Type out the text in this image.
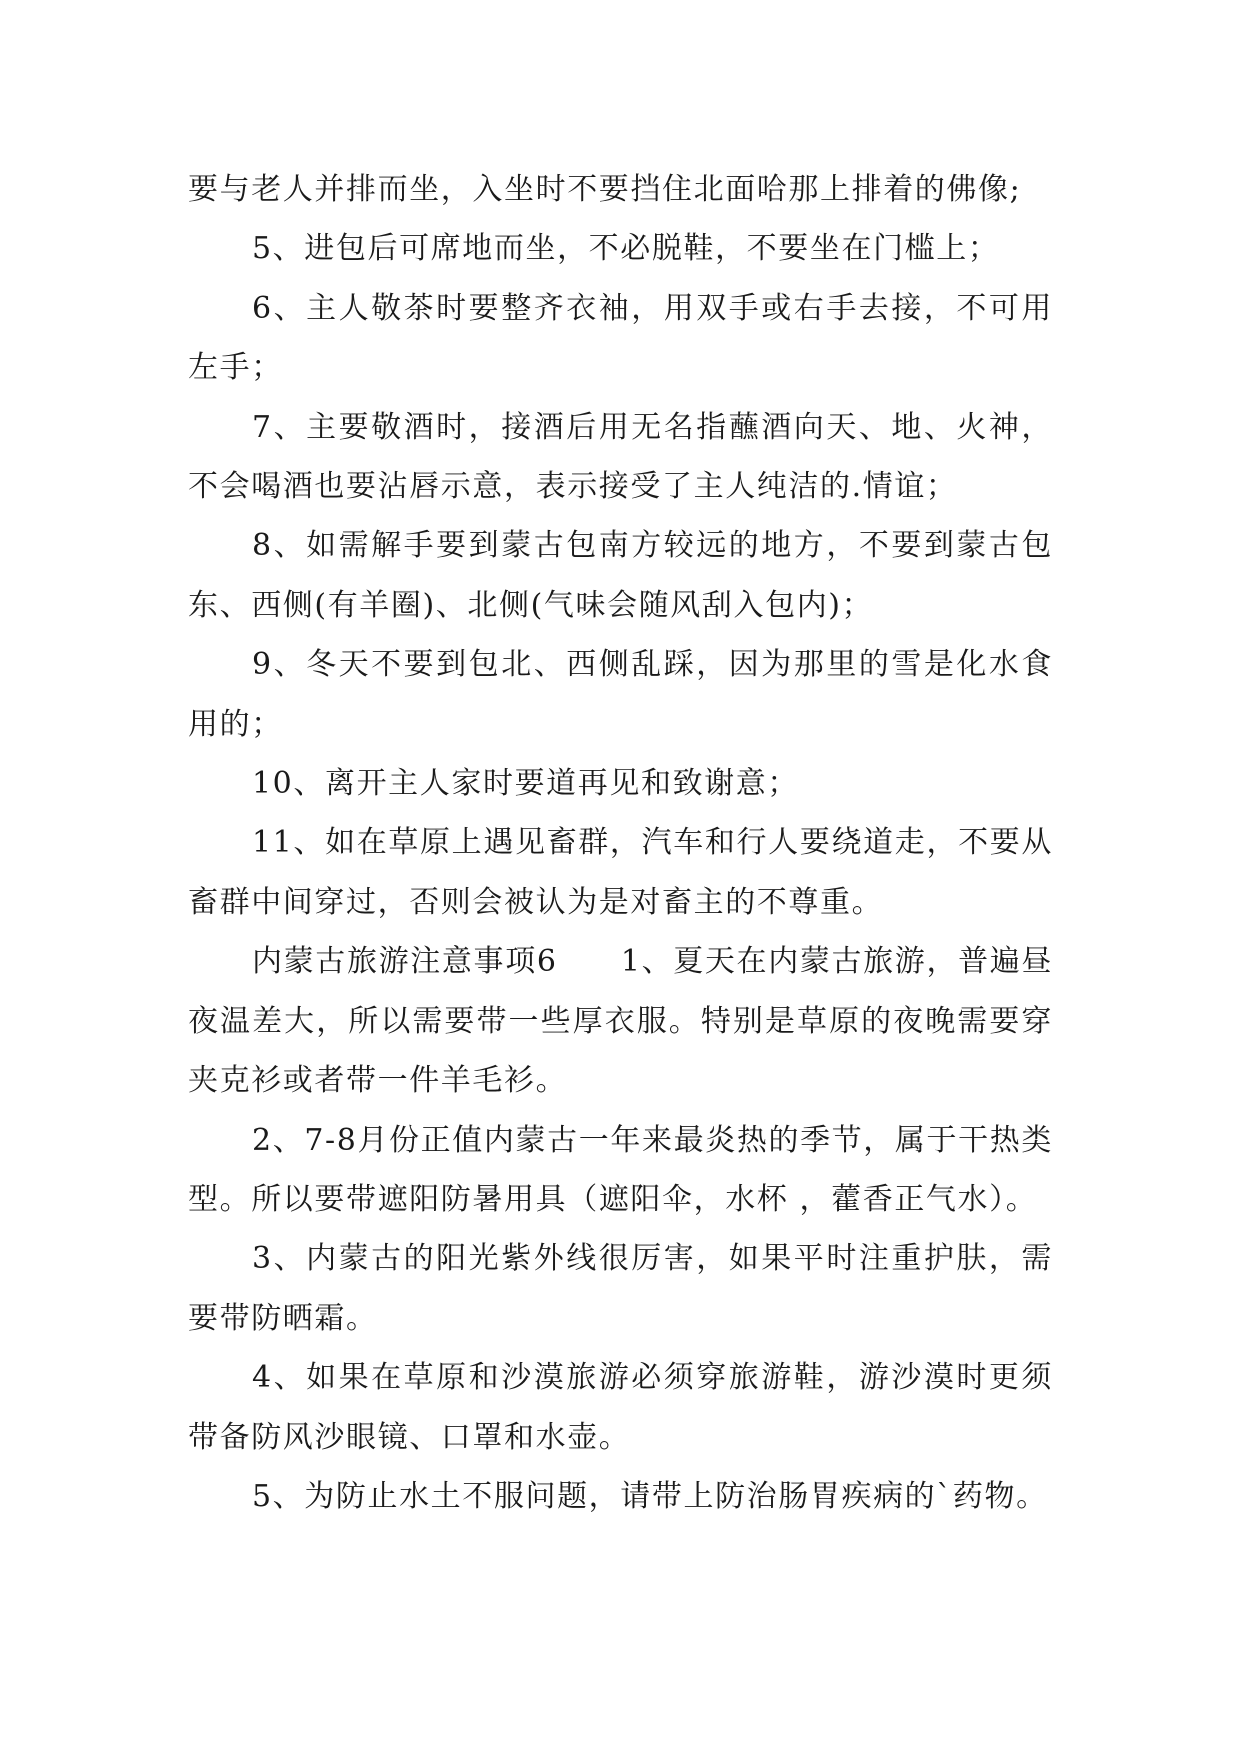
要与老人并排而坐，入坐时不要挡住北面哈那上排着的佛像;

5、进包后可席地而坐，不必脱鞋，不要坐在门槛上；

6、主人敬茶时要整齐衣袖，用双手或右手去接，不可用左手；

7、主要敬酒时，接酒后用无名指蘸酒向天、地、火神，不会喝酒也要沾唇示意，表示接受了主人纯洁的.情谊；

8、如需解手要到蒙古包南方较远的地方，不要到蒙古包东、西侧(有羊圈)、北侧(气味会随风刮入包内)；

9、冬天不要到包北、西侧乱踩，因为那里的雪是化水食用的；

10、离开主人家时要道再见和致谢意；

11、如在草原上遇见畜群，汽车和行人要绕道走，不要从畜群中间穿过，否则会被认为是对畜主的不尊重。

内蒙古旅游注意事项6　　1、夏天在内蒙古旅游，普遍昼夜温差大，所以需要带一些厚衣服。特别是草原的夜晚需要穿夹克衫或者带一件羊毛衫。

2、7-8月份正值内蒙古一年来最炎热的季节，属于干热类型。所以要带遮阳防暑用具（遮阳伞，水杯 ，藿香正气水）。

3、内蒙古的阳光紫外线很厉害，如果平时注重护肤，需要带防晒霜。

4、如果在草原和沙漠旅游必须穿旅游鞋，游沙漠时更须带备防风沙眼镜、口罩和水壶。

5、为防止水土不服问题，请带上防治肠胃疾病的`药物。
